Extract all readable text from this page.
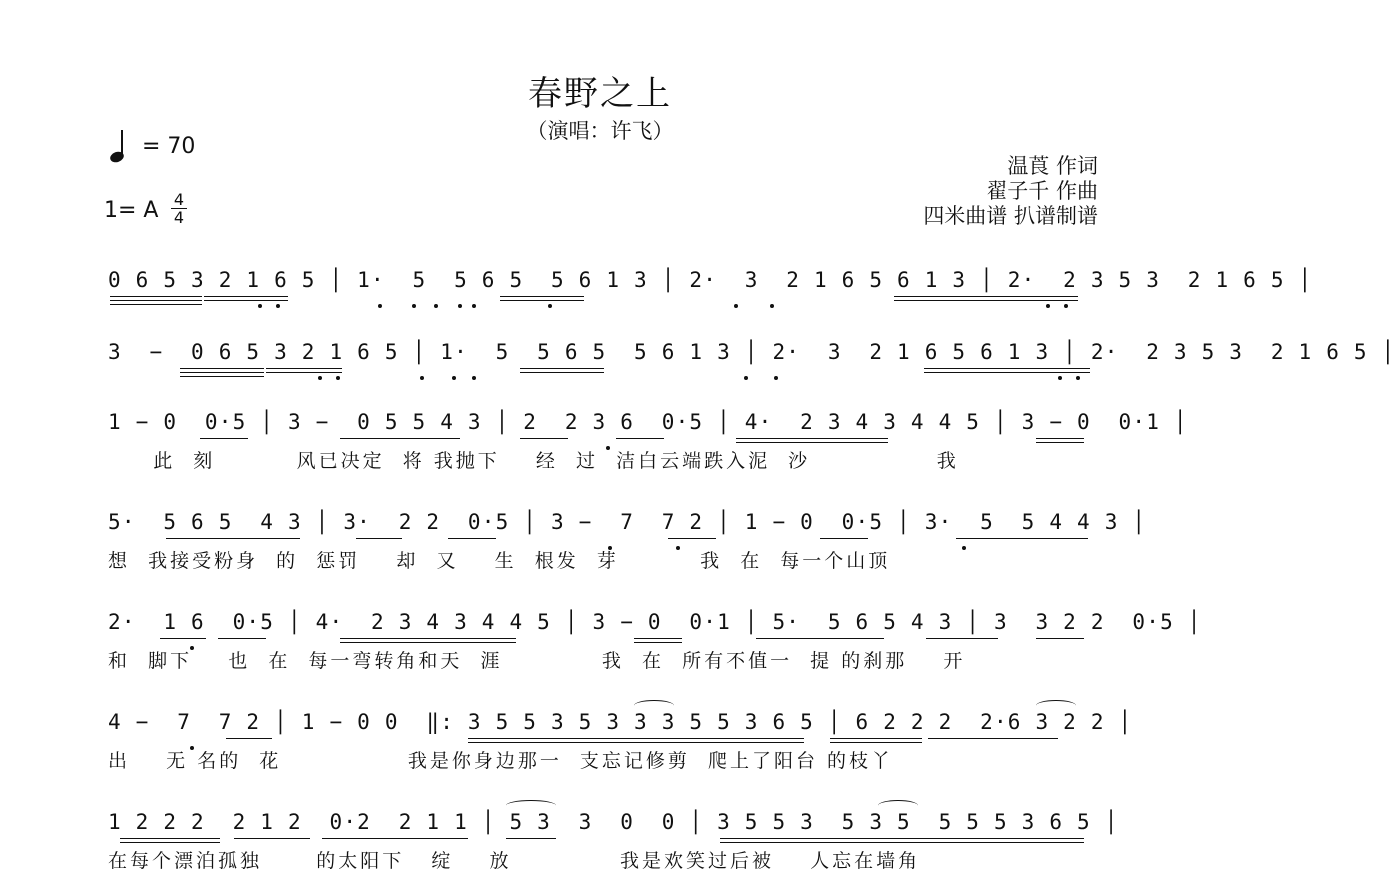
春野之上
（演唱：许飞）
= 70
1= A 4
4
温莨 作词
翟子千 作曲
四米曲谱 扒谱制谱
0 6 5 3 2 1 6 5 │ 1·  5  5 6 5  5 6 1 3 │ 2·  3  2 1 6 5 6 1 3 │ 2·  2 3 5 3  2 1 6 5 │
3  −  0 6 5 3 2 1 6 5 │ 1·  5  5 6 5  5 6 1 3 │ 2·  3  2 1 6 5 6 1 3 │ 2·  2 3 5 3  2 1 6 5 │
1 − 0  0·5 │ 3 −  0 5 5 4 3 │ 2  2 3 6  0·5 │ 4·  2 3 4 3 4 4 5 │ 3 − 0  0·1 │
此  刻         风已决定  将 我抛下    经  过  洁白云端跌入泥  沙              我
5·  5 6 5  4 3 │ 3·  2 2  0·5 │ 3 −  7  7 2 │ 1 − 0  0·5 │ 3·  5  5 4 4 3 │
想  我接受粉身  的  惩罚    却  又    生  根发  芽         我  在  每一个山顶
2·  1 6  0·5 │ 4·  2 3 4 3 4 4 5 │ 3 − 0  0·1 │ 5·  5 6 5 4 3 │ 3  3 2 2  0·5 │
和  脚下    也  在  每一弯转角和天  涯           我  在  所有不值一  提 的刹那    开
4 −  7  7 2 │ 1 − 0 0  ‖: 3 5 5 3 5 3 3 3 5 5 3 6 5 │ 6 2 2 2  2·6 3 2 2 │
出    无 名的  花              我是你身边那一  支忘记修剪  爬上了阳台 的枝丫
1 2 2 2  2 1 2  0·2  2 1 1 │ 5 3  3  0  0 │ 3 5 5 3  5 3 5  5 5 5 3 6 5 │
在每个漂泊孤独      的太阳下   绽    放            我是欢笑过后被    人忘在墙角
